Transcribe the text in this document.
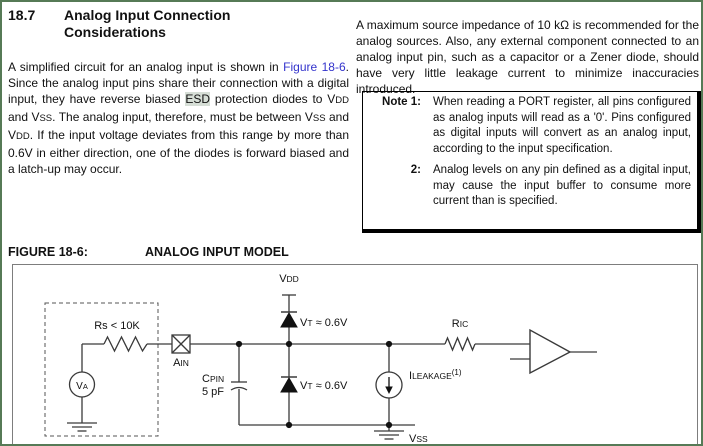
18.7	Analog Input Connection
Considerations

A simplified circuit for an analog input is shown in Figure 18-6. Since the analog input pins share their connection with a digital input, they have reverse biased ESD protection diodes to VDD and VSS. The analog input, therefore, must be between VSS and VDD. If the input voltage deviates from this range by more than 0.6V in either direction, one of the diodes is forward biased and a latch-up may occur.

A maximum source impedance of 10 kΩ is recommended for the analog sources. Also, any external component connected to an analog input pin, such as a capacitor or a Zener diode, should have very little leakage current to minimize inaccuracies introduced.

Note 1: When reading a PORT register, all pins configured as analog inputs will read as a '0'. Pins configured as digital inputs will convert as an analog input, according to the input specification.
2: Analog levels on any pin defined as a digital input, may cause the input buffer to consume more current than is specified.
FIGURE 18-6:	ANALOG INPUT MODEL
VA
Rs < 10K
AIN
CPIN
5 pF
VDD
VT ≈ 0.6V
VT ≈ 0.6V
ILEAKAGE$^{(1)}$
VSS
RIC
